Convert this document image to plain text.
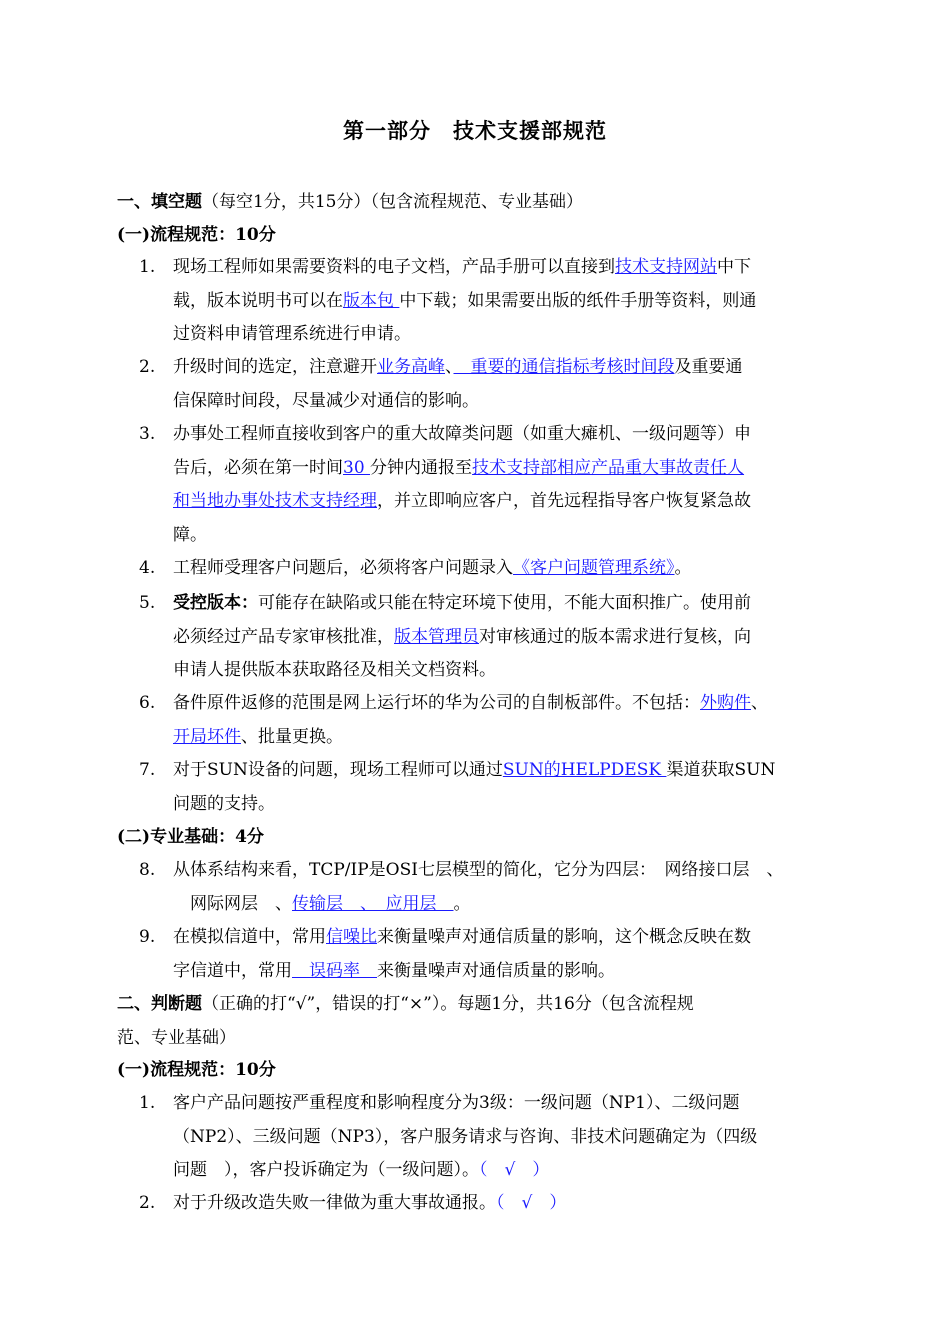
第一部分　技术支援部规范
一、填空题（每空1分，共15分）（包含流程规范、专业基础）
(一)流程规范：10分
1.	现场工程师如果需要资料的电子文档，产品手册可以直接到技术支持网站中下
载，版本说明书可以在版本包 中下载；如果需要出版的纸件手册等资料，则通
过资料申请管理系统进行申请。
2.	升级时间的选定，注意避开业务高峰、　重要的通信指标考核时间段及重要通
信保障时间段，尽量减少对通信的影响。
3.	办事处工程师直接收到客户的重大故障类问题（如重大瘫机、一级问题等）申
告后，必须在第一时间30 分钟内通报至技术支持部相应产品重大事故责任人
和当地办事处技术支持经理，并立即响应客户，首先远程指导客户恢复紧急故
障。
4.	工程师受理客户问题后，必须将客户问题录入《客户问题管理系统》。
5.	受控版本：可能存在缺陷或只能在特定环境下使用，不能大面积推广。使用前
必须经过产品专家审核批准，版本管理员对审核通过的版本需求进行复核，向
申请人提供版本获取路径及相关文档资料。
6.	备件原件返修的范围是网上运行坏的华为公司的自制板部件。不包括：外购件、
开局坏件、批量更换。
7.	对于SUN设备的问题，现场工程师可以通过SUN的HELPDESK 渠道获取SUN
问题的支持。
(二)专业基础：4分
8.	从体系结构来看，TCP/IP是OSI七层模型的简化，它分为四层：　网络接口层　、
　网际网层　、传输层　、　应用层　。
9.	在模拟信道中，常用信噪比来衡量噪声对通信质量的影响，这个概念反映在数
字信道中，常用　误码率　来衡量噪声对通信质量的影响。
二、判断题（正确的打“√”，错误的打“×”）。每题1分，共16分（包含流程规
范、专业基础）
(一)流程规范：10分
1.	客户产品问题按严重程度和影响程度分为3级：一级问题（NP1）、二级问题
（NP2）、三级问题（NP3），客户服务请求与咨询、非技术问题确定为（四级
问题　），客户投诉确定为（一级问题）。（　√　）
2.	对于升级改造失败一律做为重大事故通报。（　√　）
